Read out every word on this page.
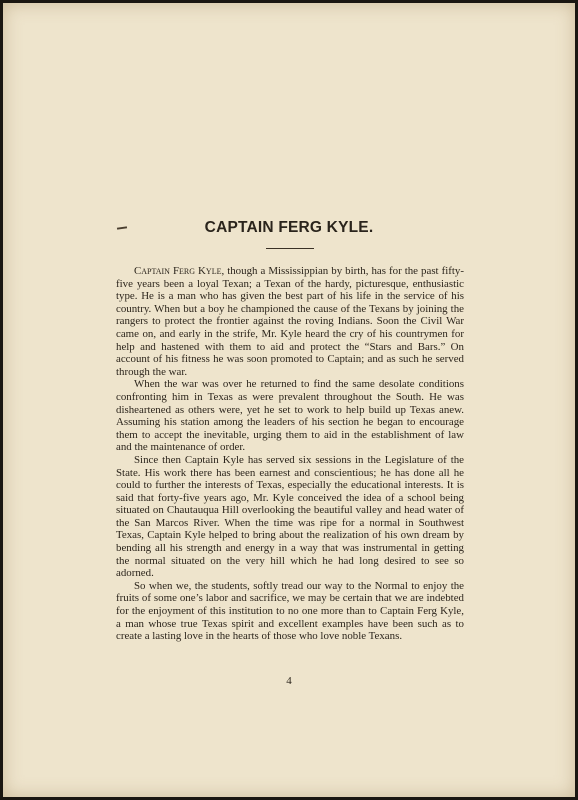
CAPTAIN FERG KYLE.

Captain Ferg Kyle, though a Mississippian by birth, has for the past fifty-five years been a loyal Texan; a Texan of the hardy, picturesque, enthusiastic type. He is a man who has given the best part of his life in the service of his country. When but a boy he championed the cause of the Texans by joining the rangers to protect the frontier against the roving Indians. Soon the Civil War came on, and early in the strife, Mr. Kyle heard the cry of his countrymen for help and hastened with them to aid and protect the “Stars and Bars.” On account of his fitness he was soon promoted to Captain; and as such he served through the war.

When the war was over he returned to find the same desolate conditions confronting him in Texas as were prevalent throughout the South. He was disheartened as others were, yet he set to work to help build up Texas anew. Assuming his station among the leaders of his section he began to encourage them to accept the inevitable, urging them to aid in the establishment of law and the maintenance of order.

Since then Captain Kyle has served six sessions in the Legislature of the State. His work there has been earnest and conscientious; he has done all he could to further the interests of Texas, especially the educational interests. It is said that forty-five years ago, Mr. Kyle conceived the idea of a school being situated on Chautauqua Hill overlooking the beautiful valley and head water of the San Marcos River. When the time was ripe for a normal in Southwest Texas, Captain Kyle helped to bring about the realization of his own dream by bending all his strength and energy in a way that was instrumental in getting the normal situated on the very hill which he had long desired to see so adorned.

So when we, the students, softly tread our way to the Normal to enjoy the fruits of some one’s labor and sacrifice, we may be certain that we are indebted for the enjoyment of this institution to no one more than to Captain Ferg Kyle, a man whose true Texas spirit and excellent examples have been such as to create a lasting love in the hearts of those who love noble Texans.

4
